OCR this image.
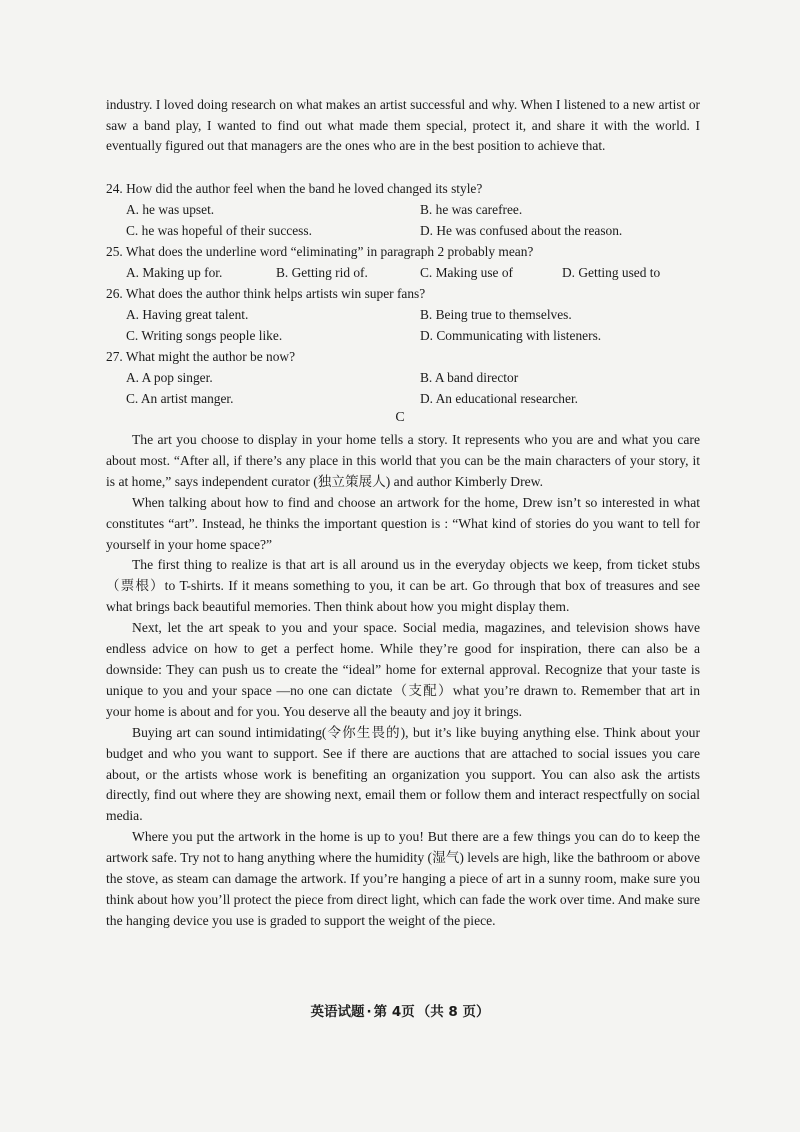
industry. I loved doing research on what makes an artist successful and why. When I listened to a new artist or saw a band play, I wanted to find out what made them special, protect it, and share it with the world. I eventually figured out that managers are the ones who are in the best position to achieve that.
24. How did the author feel when the band he loved changed its style?
A. he was upset.	B. he was carefree.
C. he was hopeful of their success.	D. He was confused about the reason.
25. What does the underline word “eliminating” in paragraph 2 probably mean?
A. Making up for.	B. Getting rid of.	C. Making use of	D. Getting used to
26. What does the author think helps artists win super fans?
A. Having great talent.	B. Being true to themselves.
C. Writing songs people like.	D. Communicating with listeners.
27. What might the author be now?
A. A pop singer.	B. A band director
C. An artist manger.	D. An educational researcher.
C

The art you choose to display in your home tells a story. It represents who you are and what you care about most. “After all, if there’s any place in this world that you can be the main characters of your story, it is at home,” says independent curator (独立策展人) and author Kimberly Drew.

When talking about how to find and choose an artwork for the home, Drew isn’t so interested in what constitutes “art”. Instead, he thinks the important question is : “What kind of stories do you want to tell for yourself in your home space?”

The first thing to realize is that art is all around us in the everyday objects we keep, from ticket stubs（票根）to T-shirts. If it means something to you, it can be art. Go through that box of treasures and see what brings back beautiful memories. Then think about how you might display them.

Next, let the art speak to you and your space. Social media, magazines, and television shows have endless advice on how to get a perfect home. While they’re good for inspiration, there can also be a downside: They can push us to create the “ideal” home for external approval. Recognize that your taste is unique to you and your space —no one can dictate（支配）what you’re drawn to. Remember that art in your home is about and for you. You deserve all the beauty and joy it brings.

Buying art can sound intimidating(令你生畏的), but it’s like buying anything else. Think about your budget and who you want to support. See if there are auctions that are attached to social issues you care about, or the artists whose work is benefiting an organization you support. You can also ask the artists directly, find out where they are showing next, email them or follow them and interact respectfully on social media.

Where you put the artwork in the home is up to you! But there are a few things you can do to keep the artwork safe. Try not to hang anything where the humidity (湿气) levels are high, like the bathroom or above the stove, as steam can damage the artwork. If you’re hanging a piece of art in a sunny room, make sure you think about how you’ll protect the piece from direct light, which can fade the work over time. And make sure the hanging device you use is graded to support the weight of the piece.

英语试题 · 第 4页 （共 8 页）
